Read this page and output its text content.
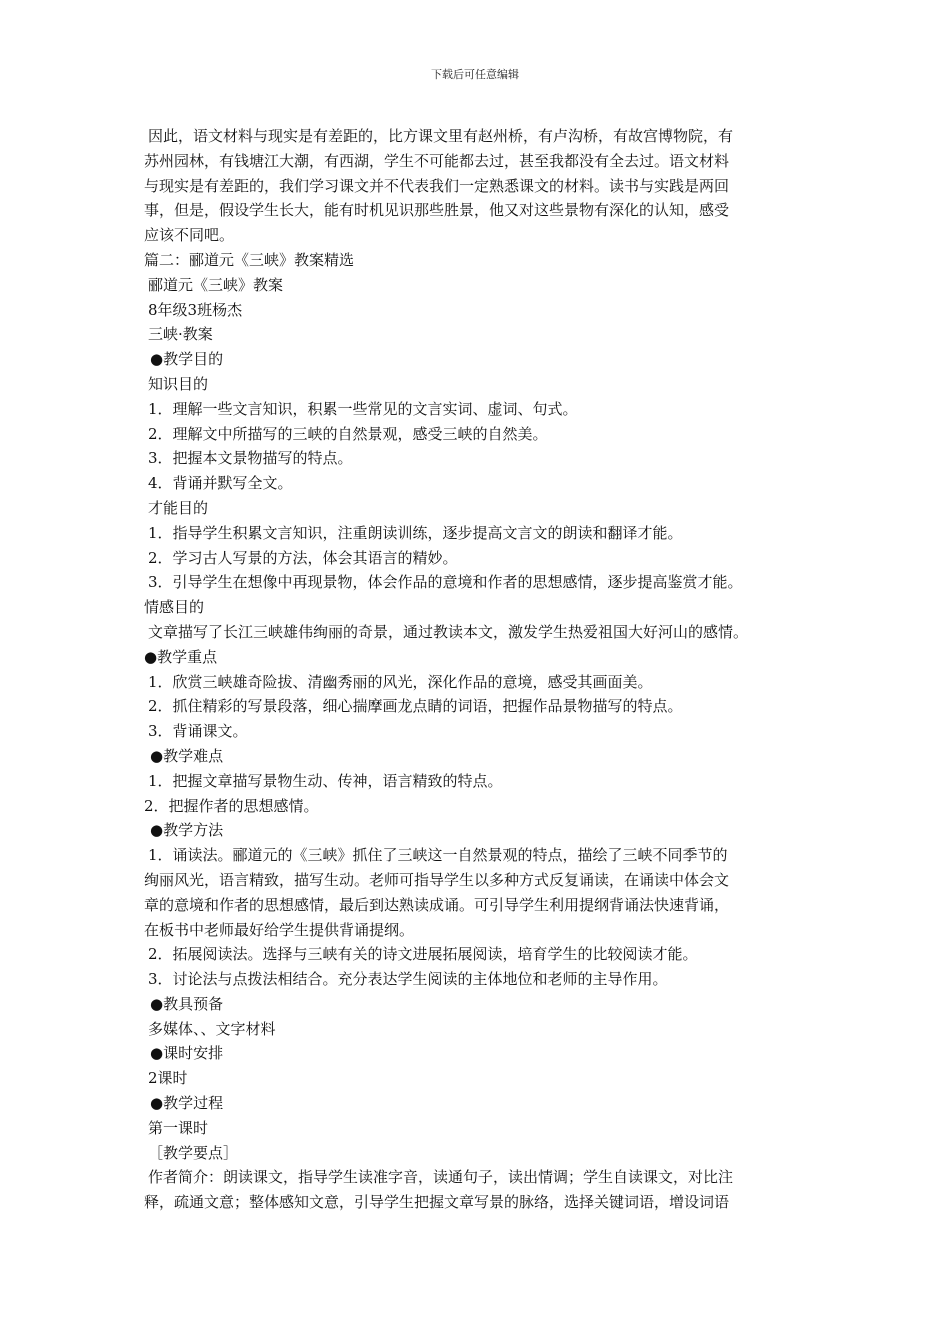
下载后可任意编辑
因此，语文材料与现实是有差距的，比方课文里有赵州桥，有卢沟桥，有故宫博物院，有
苏州园林，有钱塘江大潮，有西湖，学生不可能都去过，甚至我都没有全去过。语文材料
与现实是有差距的，我们学习课文并不代表我们一定熟悉课文的材料。读书与实践是两回
事，但是，假设学生长大，能有时机见识那些胜景，他又对这些景物有深化的认知，感受
应该不同吧。
篇二：郦道元《三峡》教案精选
郦道元《三峡》教案
8年级3班杨杰
三峡·教案
●教学目的
知识目的
1．理解一些文言知识，积累一些常见的文言实词、虚词、句式。
2．理解文中所描写的三峡的自然景观，感受三峡的自然美。
3．把握本文景物描写的特点。
4．背诵并默写全文。
才能目的
1．指导学生积累文言知识，注重朗读训练，逐步提高文言文的朗读和翻译才能。
2．学习古人写景的方法，体会其语言的精妙。
3．引导学生在想像中再现景物，体会作品的意境和作者的思想感情，逐步提高鉴赏才能。
情感目的
文章描写了长江三峡雄伟绚丽的奇景，通过教读本文，激发学生热爱祖国大好河山的感情。
●教学重点
1．欣赏三峡雄奇险拔、清幽秀丽的风光，深化作品的意境，感受其画面美。
2．抓住精彩的写景段落，细心揣摩画龙点睛的词语，把握作品景物描写的特点。
3．背诵课文。
●教学难点
1．把握文章描写景物生动、传神，语言精致的特点。
2．把握作者的思想感情。
●教学方法
1．诵读法。郦道元的《三峡》抓住了三峡这一自然景观的特点，描绘了三峡不同季节的
绚丽风光，语言精致，描写生动。老师可指导学生以多种方式反复诵读，在诵读中体会文
章的意境和作者的思想感情，最后到达熟读成诵。可引导学生利用提纲背诵法快速背诵，
在板书中老师最好给学生提供背诵提纲。
2．拓展阅读法。选择与三峡有关的诗文进展拓展阅读，培育学生的比较阅读才能。
3．讨论法与点拨法相结合。充分表达学生阅读的主体地位和老师的主导作用。
●教具预备
多媒体、、文字材料
●课时安排
2课时
●教学过程
第一课时
［教学要点］
作者简介：朗读课文，指导学生读准字音，读通句子，读出情调；学生自读课文，对比注
释，疏通文意；整体感知文意，引导学生把握文章写景的脉络，选择关键词语，增设词语
